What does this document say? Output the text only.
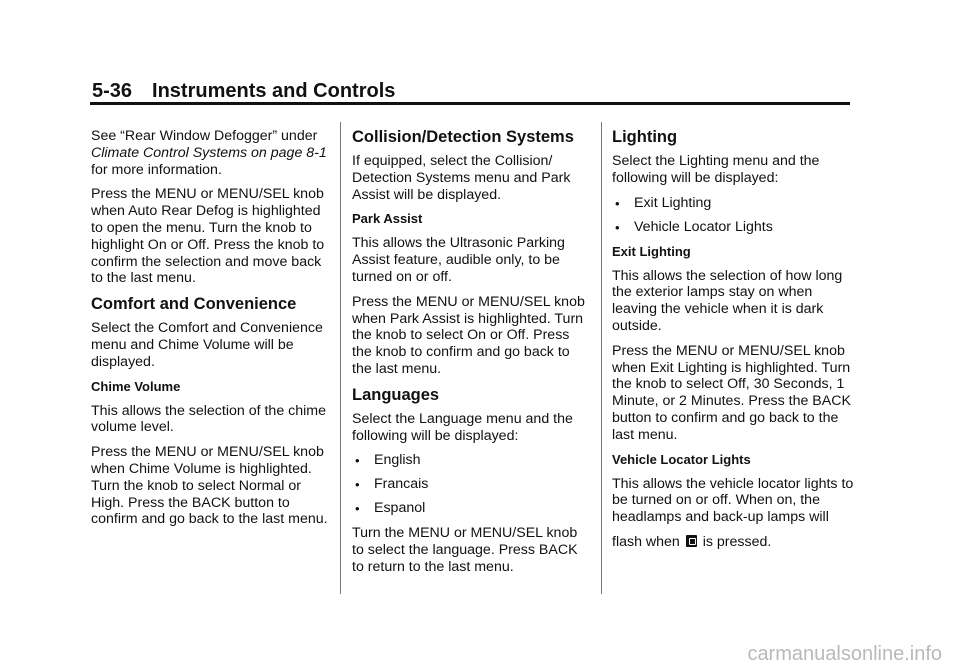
5-36 Instruments and Controls

See “Rear Window Defogger” under Climate Control Systems on page 8-1 for more information.

Press the MENU or MENU/SEL knob when Auto Rear Defog is highlighted to open the menu. Turn the knob to highlight On or Off. Press the knob to confirm the selection and move back to the last menu.

Comfort and Convenience

Select the Comfort and Convenience menu and Chime Volume will be displayed.

Chime Volume

This allows the selection of the chime volume level.

Press the MENU or MENU/SEL knob when Chime Volume is highlighted. Turn the knob to select Normal or High. Press the BACK button to confirm and go back to the last menu.

Collision/Detection Systems

If equipped, select the Collision/ Detection Systems menu and Park Assist will be displayed.

Park Assist

This allows the Ultrasonic Parking Assist feature, audible only, to be turned on or off.

Press the MENU or MENU/SEL knob when Park Assist is highlighted. Turn the knob to select On or Off. Press the knob to confirm and go back to the last menu.

Languages

Select the Language menu and the following will be displayed:

• English
• Francais
• Espanol

Turn the MENU or MENU/SEL knob to select the language. Press BACK to return to the last menu.

Lighting

Select the Lighting menu and the following will be displayed:

• Exit Lighting
• Vehicle Locator Lights
Exit Lighting

This allows the selection of how long the exterior lamps stay on when leaving the vehicle when it is dark outside.

Press the MENU or MENU/SEL knob when Exit Lighting is highlighted. Turn the knob to select Off, 30 Seconds, 1 Minute, or 2 Minutes. Press the BACK button to confirm and go back to the last menu.

Vehicle Locator Lights

This allows the vehicle locator lights to be turned on or off. When on, the headlamps and back-up lamps will

flash when  is pressed.

carmanualsonline.info
